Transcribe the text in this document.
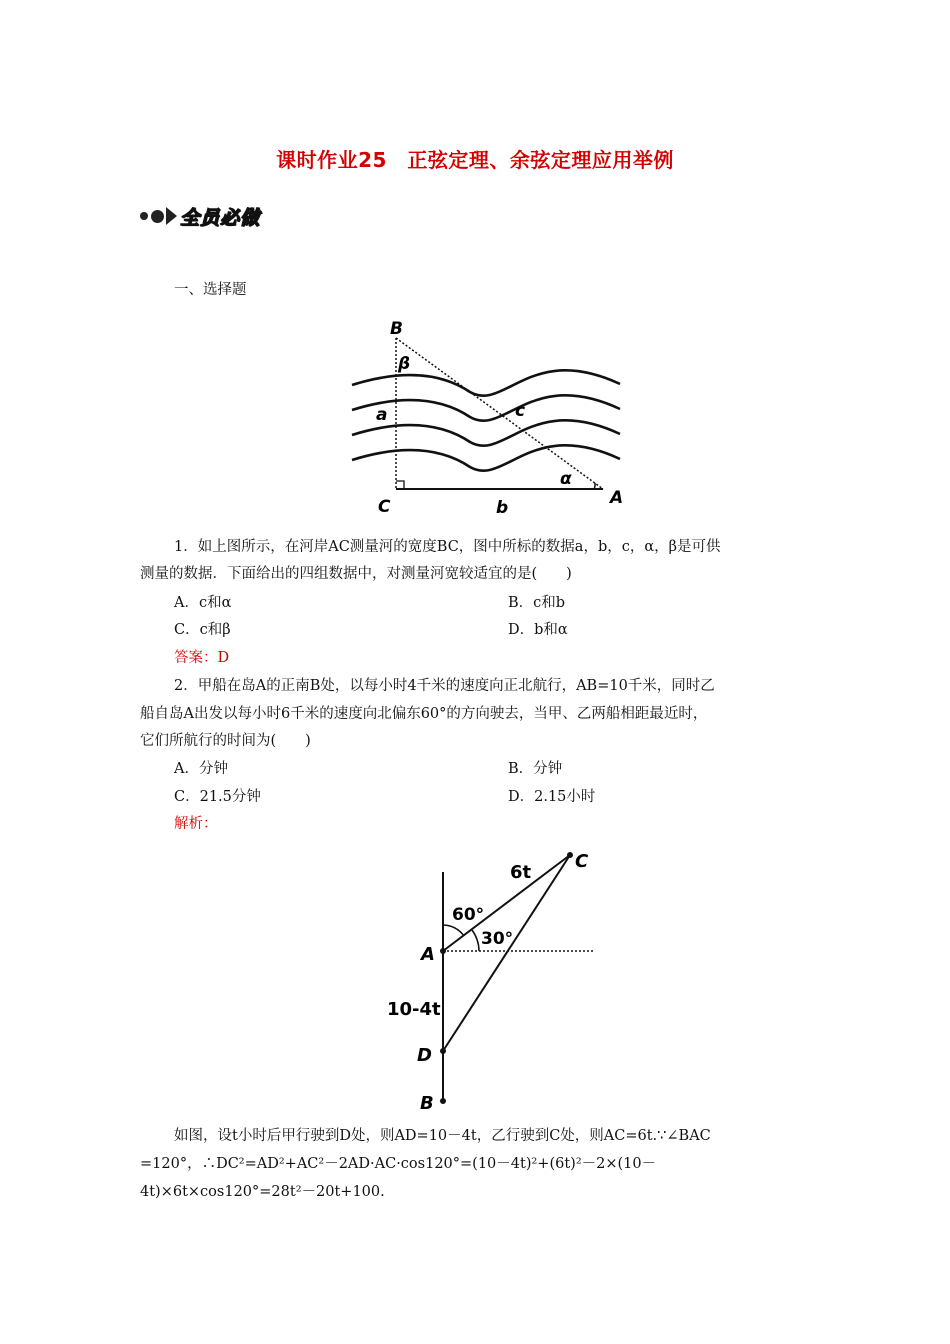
课时作业25　正弦定理、余弦定理应用举例
全员必做
一、选择题
B
β
a	c
α
C	A
b
1．如上图所示，在河岸AC测量河的宽度BC，图中所标的数据a，b，c，α，β是可供
测量的数据．下面给出的四组数据中，对测量河宽较适宜的是(　　)
A．c和α	B．c和b
C．c和β	D．b和α
答案：D
2．甲船在岛A的正南B处，以每小时4千米的速度向正北航行，AB=10千米，同时乙
船自岛A出发以每小时6千米的速度向北偏东60°的方向驶去，当甲、乙两船相距最近时，
它们所航行的时间为(　　)
A．分钟	B．分钟
C．21.5分钟	D．2.15小时
解析：
6t
C
60°
30°
A
10-4t
D
B
如图，设t小时后甲行驶到D处，则AD=10－4t，乙行驶到C处，则AC=6t.∵∠BAC
=120°，∴DC²=AD²+AC²－2AD·AC·cos120°=(10－4t)²+(6t)²－2×(10－
4t)×6t×cos120°=28t²－20t+100.
